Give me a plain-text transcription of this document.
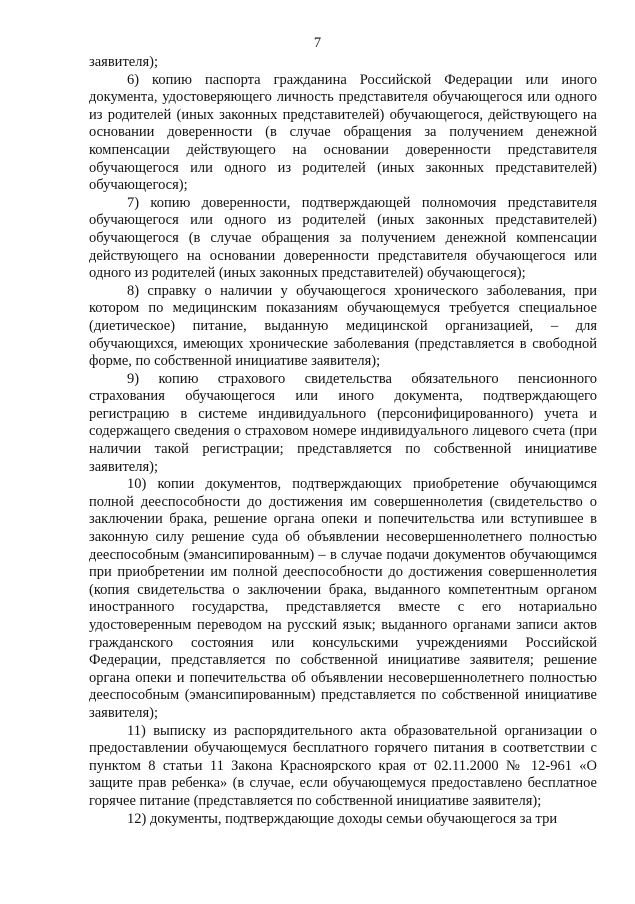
7

заявителя);

6) копию паспорта гражданина Российской Федерации или иного документа, удостоверяющего личность представителя обучающегося или одного из родителей (иных законных представителей) обучающегося, действующего на основании доверенности (в случае обращения за получением денежной компенсации действующего на основании доверенности представителя обучающегося или одного из родителей (иных законных представителей) обучающегося);

7) копию доверенности, подтверждающей полномочия представителя обучающегося или одного из родителей (иных законных представителей) обучающегося (в случае обращения за получением денежной компенсации действующего на основании доверенности представителя обучающегося или одного из родителей (иных законных представителей) обучающегося);

8) справку о наличии у обучающегося хронического заболевания, при котором по медицинским показаниям обучающемуся требуется специальное (диетическое) питание, выданную медицинской организацией, – для обучающихся, имеющих хронические заболевания (представляется в свободной форме, по собственной инициативе заявителя);

9) копию страхового свидетельства обязательного пенсионного страхования обучающегося или иного документа, подтверждающего регистрацию в системе индивидуального (персонифицированного) учета и содержащего сведения о страховом номере индивидуального лицевого счета (при наличии такой регистрации; представляется по собственной инициативе заявителя);

10) копии документов, подтверждающих приобретение обучающимся полной дееспособности до достижения им совершеннолетия (свидетельство о заключении брака, решение органа опеки и попечительства или вступившее в законную силу решение суда об объявлении несовершеннолетнего полностью дееспособным (эмансипированным) – в случае подачи документов обучающимся при приобретении им полной дееспособности до достижения совершеннолетия (копия свидетельства о заключении брака, выданного компетентным органом иностранного государства, представляется вместе с его нотариально удостоверенным переводом на русский язык; выданного органами записи актов гражданского состояния или консульскими учреждениями Российской Федерации, представляется по собственной инициативе заявителя; решение органа опеки и попечительства об объявлении несовершеннолетнего полностью дееспособным (эмансипированным) представляется по собственной инициативе заявителя);

11) выписку из распорядительного акта образовательной организации о предоставлении обучающемуся бесплатного горячего питания в соответствии с пунктом 8 статьи 11 Закона Красноярского края от 02.11.2000 № 12-961 «О защите прав ребенка» (в случае, если обучающемуся предоставлено бесплатное горячее питание (представляется по собственной инициативе заявителя);

12) документы, подтверждающие доходы семьи обучающегося за три
